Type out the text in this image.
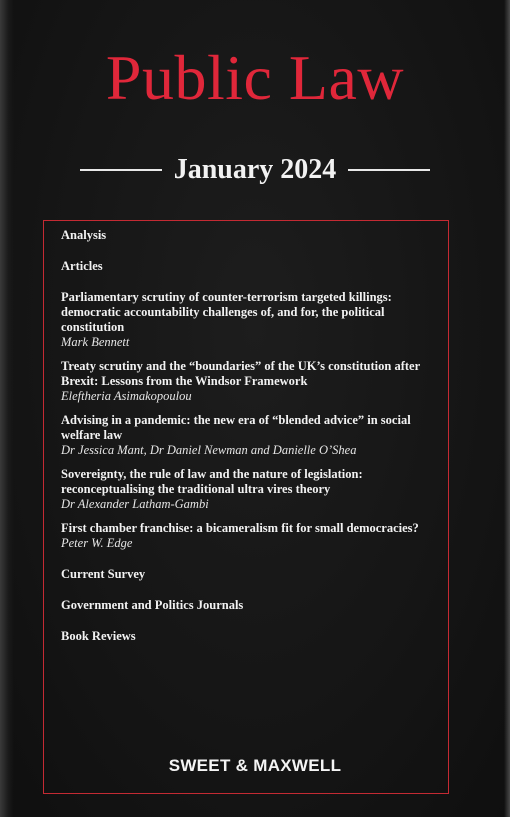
Public Law
January 2024
Analysis
Articles
Parliamentary scrutiny of counter-terrorism targeted killings:
democratic accountability challenges of, and for, the political
constitution
Mark Bennett
Treaty scrutiny and the “boundaries” of the UK’s constitution after
Brexit: Lessons from the Windsor Framework
Eleftheria Asimakopoulou
Advising in a pandemic: the new era of “blended advice” in social
welfare law
Dr Jessica Mant, Dr Daniel Newman and Danielle O’Shea
Sovereignty, the rule of law and the nature of legislation:
reconceptualising the traditional ultra vires theory
Dr Alexander Latham-Gambi
First chamber franchise: a bicameralism fit for small democracies?
Peter W. Edge
Current Survey
Government and Politics Journals
Book Reviews
SWEET & MAXWELL
